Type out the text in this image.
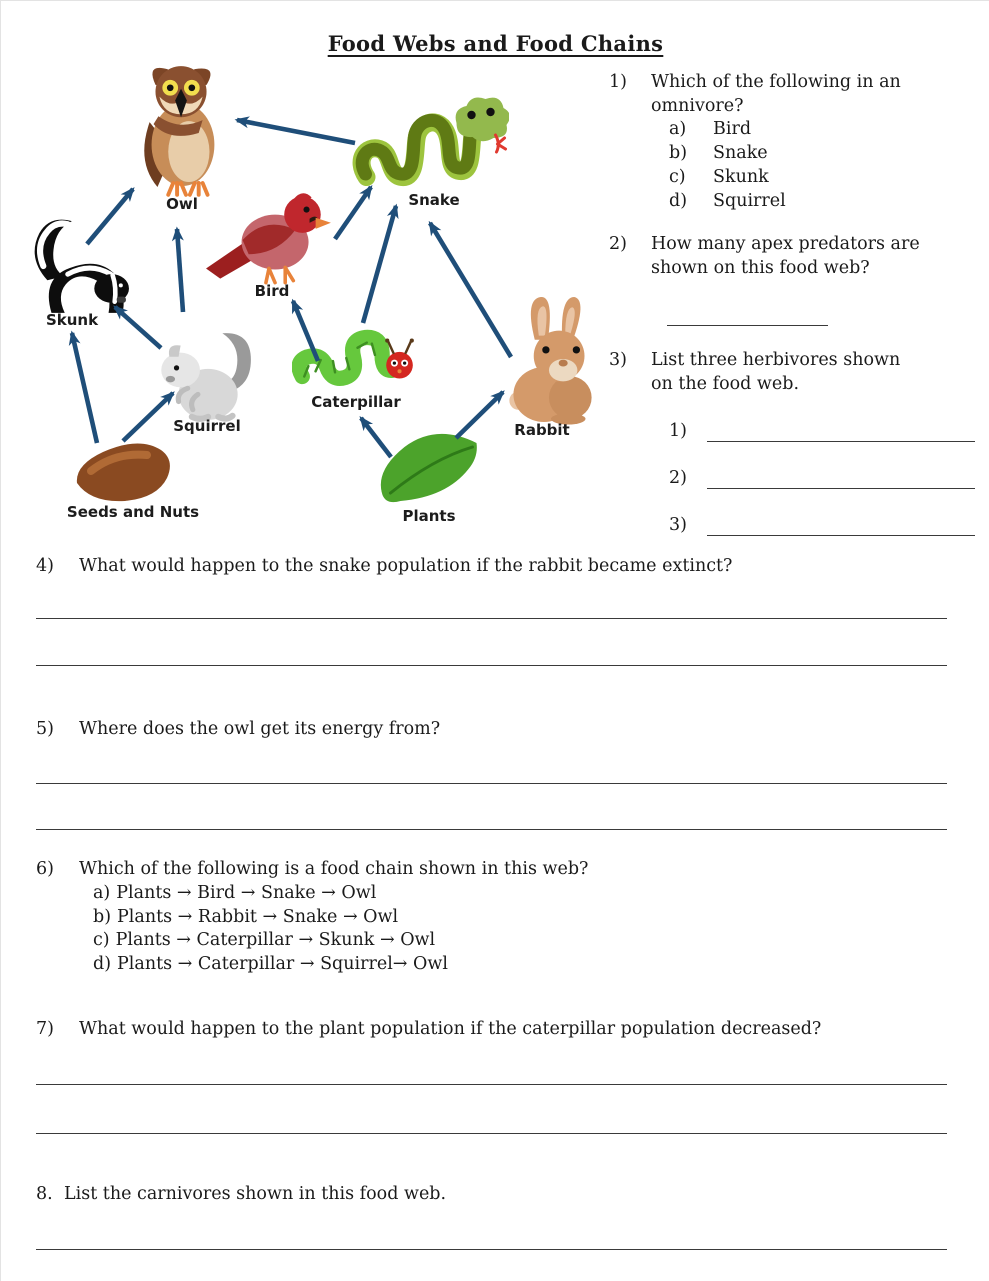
Food Webs and Food Chains
Owl	Snake
Bird
Skunk
Squirrel
Caterpillar
Rabbit
Seeds and Nuts	Plants
1)	Which of the following in an omnivore?
a)	Bird
b)	Snake
c)	Skunk
d)	Squirrel
2)	How many apex predators are shown on this food web?
3)	List three herbivores shown on the food web.
1)
2)
3)
4)	What would happen to the snake population if the rabbit became extinct?
5)	Where does the owl get its energy from?
6)	Which of the following is a food chain shown in this web?
a) Plants → Bird → Snake → Owl
b) Plants → Rabbit → Snake → Owl
c) Plants → Caterpillar → Skunk → Owl
d) Plants → Caterpillar → Squirrel→ Owl
7)	What would happen to the plant population if the caterpillar population decreased?
8. List the carnivores shown in this food web.
